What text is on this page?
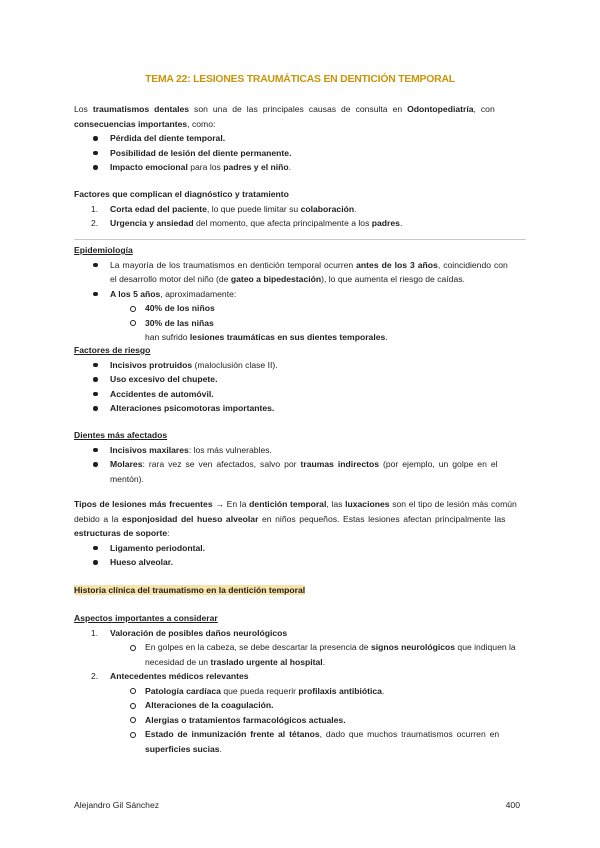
TEMA 22: LESIONES TRAUMÁTICAS EN DENTICIÓN TEMPORAL
Los traumatismos dentales son una de las principales causas de consulta en Odontopediatría, con
consecuencias importantes, como:
Pérdida del diente temporal.
Posibilidad de lesión del diente permanente.
Impacto emocional para los padres y el niño.
Factores que complican el diagnóstico y tratamiento
1. Corta edad del paciente, lo que puede limitar su colaboración.
2. Urgencia y ansiedad del momento, que afecta principalmente a los padres.
Epidemiología
La mayoría de los traumatismos en dentición temporal ocurren antes de los 3 años, coincidiendo con
el desarrollo motor del niño (de gateo a bipedestación), lo que aumenta el riesgo de caídas.
A los 5 años, aproximadamente:
40% de los niños
30% de las niñas
han sufrido lesiones traumáticas en sus dientes temporales.
Factores de riesgo
Incisivos protruidos (maloclusión clase II).
Uso excesivo del chupete.
Accidentes de automóvil.
Alteraciones psicomotoras importantes.
Dientes más afectados
Incisivos maxilares: los más vulnerables.
Molares: rara vez se ven afectados, salvo por traumas indirectos (por ejemplo, un golpe en el
mentón).
Tipos de lesiones más frecuentes → En la dentición temporal, las luxaciones son el tipo de lesión más común
debido a la esponjosidad del hueso alveolar en niños pequeños. Estas lesiones afectan principalmente las
estructuras de soporte:
Ligamento periodontal.
Hueso alveolar.
Historia clínica del traumatismo en la dentición temporal
Aspectos importantes a considerar
1. Valoración de posibles daños neurológicos
En golpes en la cabeza, se debe descartar la presencia de signos neurológicos que indiquen la
necesidad de un traslado urgente al hospital.
2. Antecedentes médicos relevantes
Patología cardíaca que pueda requerir profilaxis antibiótica.
Alteraciones de la coagulación.
Alergias o tratamientos farmacológicos actuales.
Estado de inmunización frente al tétanos, dado que muchos traumatismos ocurren en
superficies sucias.
Alejandro Gil Sánchez	400
